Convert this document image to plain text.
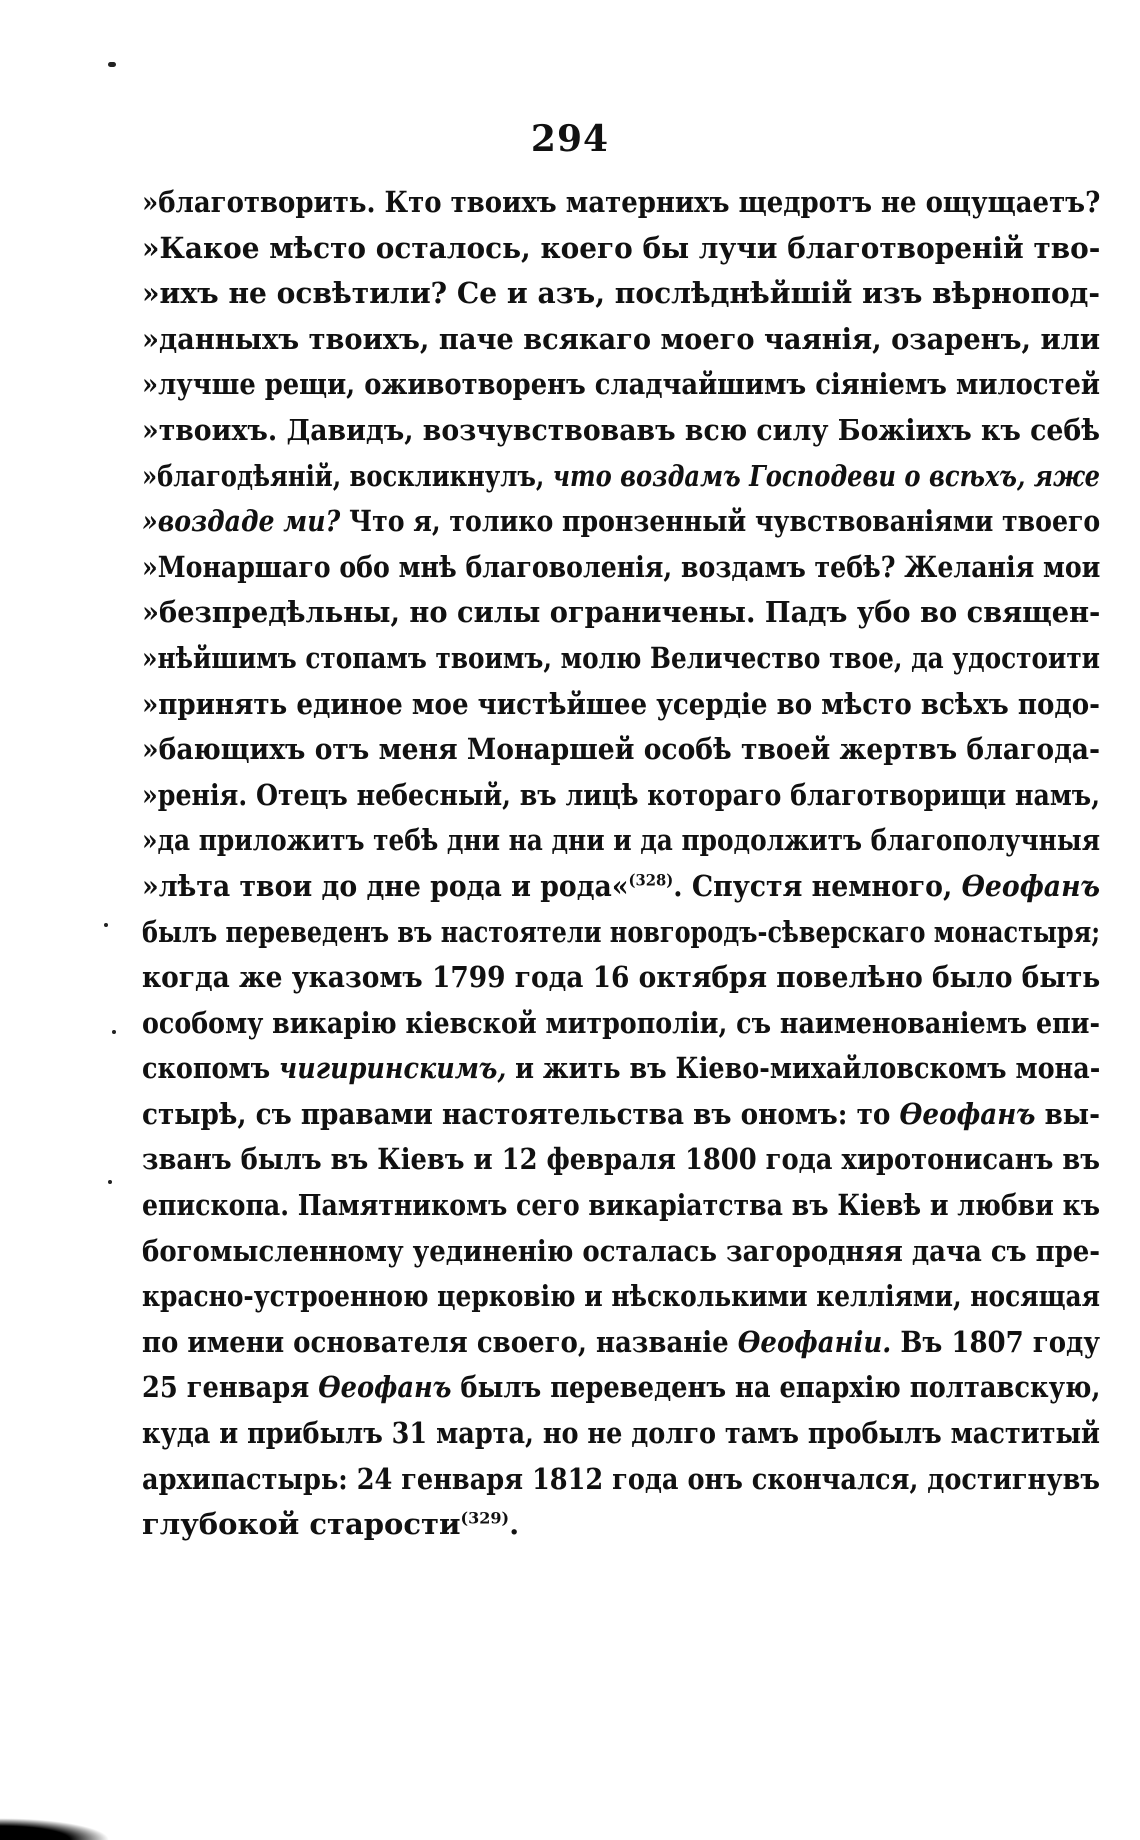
294
»благотворить. Кто твоихъ матернихъ щедротъ не ощущаетъ?
»Какое мѣсто осталось, коего бы лучи благотвореній тво-
»ихъ не освѣтили? Се и азъ, послѣднѣйшій изъ вѣрнопод-
»данныхъ твоихъ, паче всякаго моего чаянія, озаренъ, или
»лучше рещи, оживотворенъ сладчайшимъ сіяніемъ милостей
»твоихъ. Давидъ, возчувствовавъ всю силу Божіихъ къ себѣ
»благодѣяній, воскликнулъ, что воздамъ Господеви о всѣхъ, яже
»воздаде ми? Что я, толико пронзенный чувствованіями твоего
»Монаршаго обо мнѣ благоволенія, воздамъ тебѣ? Желанія мои
»безпредѣльны, но силы ограничены. Падъ убо во священ-
»нѣйшимъ стопамъ твоимъ, молю Величество твое, да удостоити
»принять единое мое чистѣйшее усердіе во мѣсто всѣхъ подо-
»бающихъ отъ меня Монаршей особѣ твоей жертвъ благода-
»ренія. Отецъ небесный, въ лицѣ котораго благотворищи намъ,
»да приложитъ тебѣ дни на дни и да продолжитъ благополучныя
»лѣта твои до дне рода и рода«$^{(328)}$. Спустя немного, Ѳеофанъ
былъ переведенъ въ настоятели новгородъ-сѣверскаго монастыря;
когда же указомъ 1799 года 16 октября повелѣно было быть
особому викарію кіевской митрополіи, съ наименованіемъ епи-
скопомъ чигиринскимъ, и жить въ Кіево-михайловскомъ мона-
стырѣ, съ правами настоятельства въ ономъ: то Ѳеофанъ вы-
званъ былъ въ Кіевъ и 12 февраля 1800 года хиротонисанъ въ
епископа. Памятникомъ сего викаріатства въ Кіевѣ и любви къ
богомысленному уединенію осталась загородняя дача съ пре-
красно-устроенною церковію и нѣсколькими келліями, носящая
по имени основателя своего, названіе Ѳеофаніи. Въ 1807 году
25 генваря Ѳеофанъ былъ переведенъ на епархію полтавскую,
куда и прибылъ 31 марта, но не долго тамъ пробылъ маститый
архипастырь: 24 генваря 1812 года онъ скончался, достигнувъ
глубокой старости$^{(329)}$.
